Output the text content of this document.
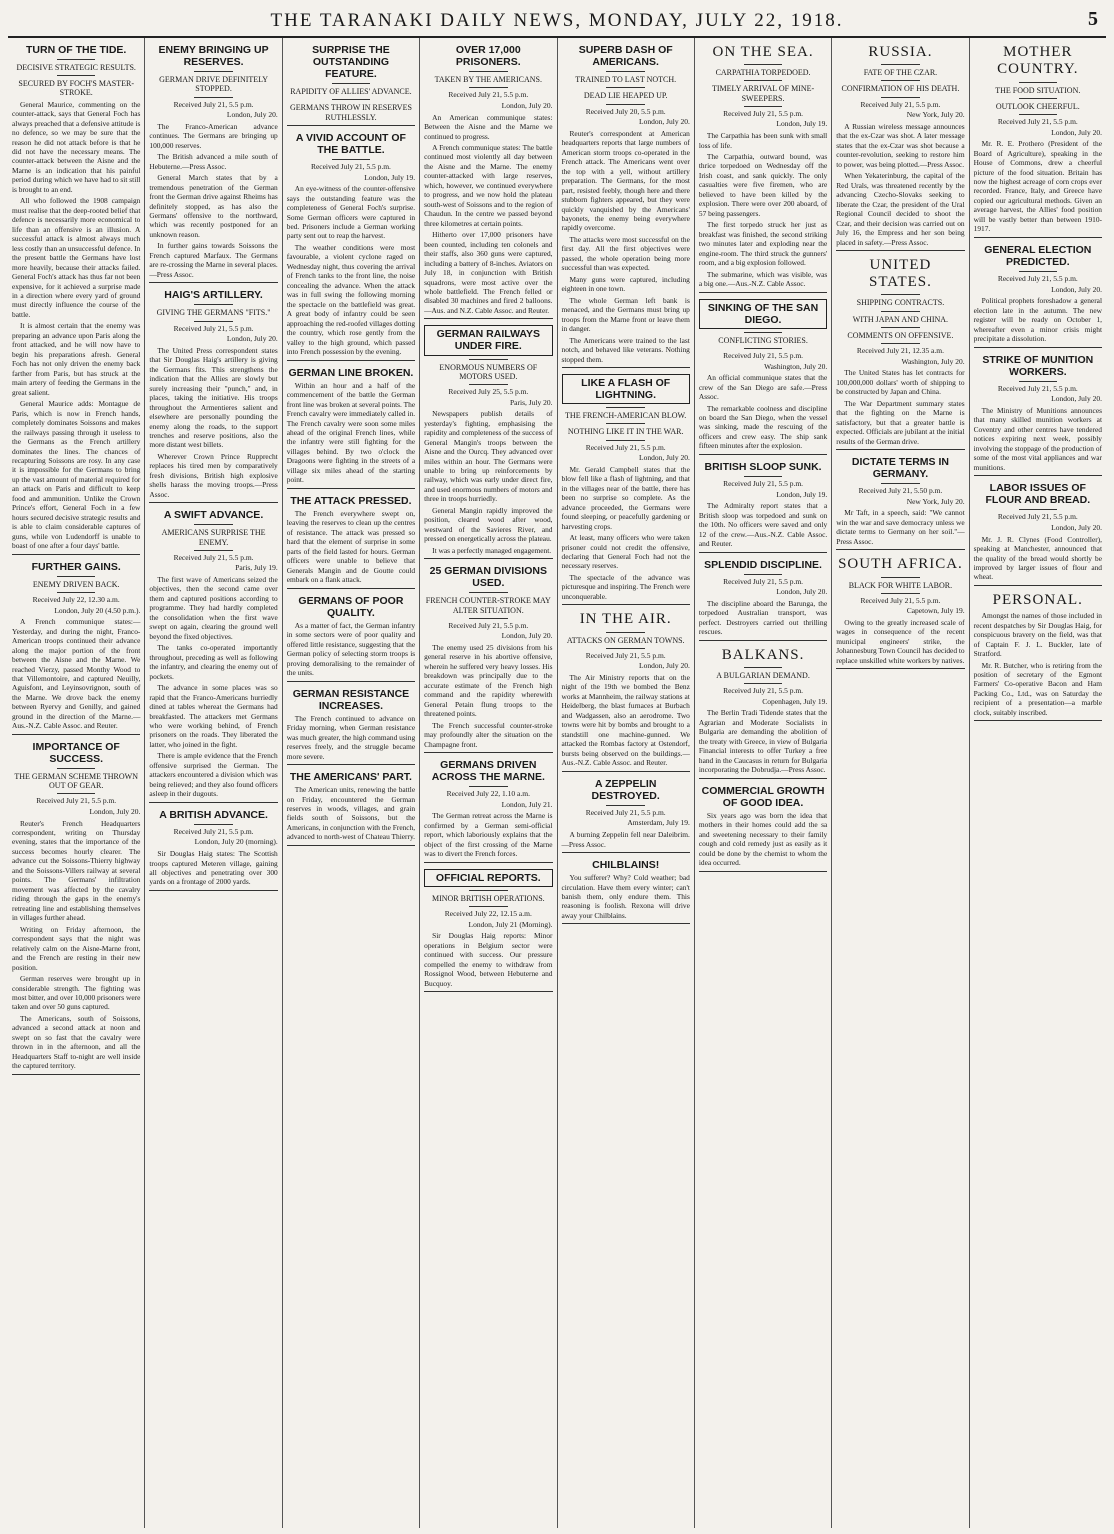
THE TARANAKI DAILY NEWS, MONDAY, JULY 22, 1918.	5
TURN OF THE TIDE.
DECISIVE STRATEGIC RESULTS.
SECURED BY FOCH'S MASTER-STROKE.

General Maurice, commenting on the counter-attack, says that General Foch has always preached that a defensive attitude is no defence, so we may be sure that the reason he did not attack before is that he did not have the necessary means. The counter-attack between the Aisne and the Marne is an indication that his painful period during which we have had to sit still is brought to an end.

All who followed the 1908 campaign must realise that the deep-rooted belief that defence is necessarily more economical to life than an offensive is an illusion. A successful attack is almost always much less costly than an unsuccessful defence. In the present battle the Germans have lost more heavily, because their attacks failed. General Foch's attack has thus far not been expensive, for it achieved a surprise made in a direction where every yard of ground must directly influence the course of the battle.

It is almost certain that the enemy was preparing an advance upon Paris along the front attacked, and he will now have to begin his preparations afresh. General Foch has not only driven the enemy back farther from Paris, but has struck at the main artery of feeding the Germans in the great salient.

General Maurice adds: Montague de Paris, which is now in French hands, completely dominates Soissons and makes the railways passing through it useless to the Germans as the French artillery dominates the lines. The chances of recapturing Soissons are rosy. In any case it is impossible for the Germans to bring up the vast amount of material required for an attack on Paris and difficult to keep food and ammunition. Unlike the Crown Prince's effort, General Foch in a few hours secured decisive strategic results and is able to claim considerable captures of guns, while von Ludendorff is unable to boast of one after a four days' battle.

FURTHER GAINS.
ENEMY DRIVEN BACK.
Received July 22, 12.30 a.m.
London, July 20 (4.50 p.m.).

A French communique states:—Yesterday, and during the night, Franco-American troops continued their advance along the major portion of the front between the Aisne and the Marne. We reached Vierzy, passed Monthy Wood to that Villemontoire, and captured Neuilly, Aguisfont, and Leyinsovrignon, south of the Marne. We drove back the enemy between Ryervy and Genilly, and gained ground in the direction of the Marne.—Aus.-N.Z. Cable Assoc. and Reuter.

IMPORTANCE OF SUCCESS.
THE GERMAN SCHEME THROWN OUT OF GEAR.
Received July 21, 5.5 p.m.
London, July 20.

Reuter's French Headquarters correspondent, writing on Thursday evening, states that the importance of the success becomes hourly clearer. The advance cut the Soissons-Thierry highway and the Soissons-Villers railway at several points. The Germans' infiltration movement was affected by the cavalry riding through the gaps in the enemy's retreating line and establishing themselves in villages further ahead.

Writing on Friday afternoon, the correspondent says that the night was relatively calm on the Aisne-Marne front, and the French are resting in their new position.

German reserves were brought up in considerable strength. The fighting was most bitter, and over 10,000 prisoners were taken and over 50 guns captured.

The Americans, south of Soissons, advanced a second attack at noon and swept on so fast that the cavalry were thrown in in the afternoon, and all the Headquarters Staff to-night are well inside the captured territory.

ENEMY BRINGING UP RESERVES.
GERMAN DRIVE DEFINITELY STOPPED.
Received July 21, 5.5 p.m.
London, July 20.

The Franco-American advance continues. The Germans are bringing up 100,000 reserves.

The British advanced a mile south of Hebuterne.—Press Assoc.

General March states that by a tremendous penetration of the German front the German drive against Rheims has definitely stopped, as has also the Germans' offensive to the northward, which was recently postponed for an unknown reason.

In further gains towards Soissons the French captured Marfaux. The Germans are re-crossing the Marne in several places.—Press Assoc.

HAIG'S ARTILLERY.
GIVING THE GERMANS "FITS."
Received July 21, 5.5 p.m.
London, July 20.

The United Press correspondent states that Sir Douglas Haig's artillery is giving the Germans fits. This strengthens the indication that the Allies are slowly but surely increasing their "punch," and, in places, taking the initiative. His troops throughout the Armentieres salient and elsewhere are personally pounding the enemy along the roads, to the support trenches and reserve positions, also the more distant west billets.

Wherever Crown Prince Rupprecht replaces his tired men by comparatively fresh divisions, British high explosive shells harass the moving troops.—Press Assoc.

A SWIFT ADVANCE.
AMERICANS SURPRISE THE ENEMY.
Received July 21, 5.5 p.m.
Paris, July 19.

The first wave of Americans seized the objectives, then the second came over them and captured positions according to programme. They had hardly completed the consolidation when the first wave swept on again, clearing the ground well beyond the fixed objectives.

The tanks co-operated importantly throughout, preceding as well as following the infantry, and clearing the enemy out of pockets.

The advance in some places was so rapid that the Franco-Americans hurriedly dined at tables whereat the Germans had breakfasted. The attackers met Germans who were working behind, of French prisoners on the roads. They liberated the latter, who joined in the fight.

There is ample evidence that the French offensive surprised the German. The attackers encountered a division which was being relieved; and they also found officers asleep in their dugouts.

A BRITISH ADVANCE.
Received July 21, 5.5 p.m.
London, July 20 (morning).

Sir Douglas Haig states: The Scottish troops captured Meteren village, gaining all objectives and penetrating over 300 yards on a frontage of 2000 yards.

SURPRISE THE OUTSTANDING FEATURE.
RAPIDITY OF ALLIES' ADVANCE.
GERMANS THROW IN RESERVES RUTHLESSLY.
A VIVID ACCOUNT OF THE BATTLE.
Received July 21, 5.5 p.m.
London, July 19.

An eye-witness of the counter-offensive says the outstanding feature was the completeness of General Foch's surprise. Some German officers were captured in bed. Prisoners include a German working party sent out to reap the harvest.

The weather conditions were most favourable, a violent cyclone raged on Wednesday night, thus covering the arrival of French tanks to the front line, the noise concealing the advance. When the attack was in full swing the following morning the spectacle on the battlefield was great. A great body of infantry could be seen approaching the red-roofed villages dotting the country, which rose gently from the valley to the high ground, which passed into French possession by the evening.

GERMAN LINE BROKEN.

Within an hour and a half of the commencement of the battle the German front line was broken at several points. The French cavalry were immediately called in. The French cavalry were soon some miles ahead of the original French lines, while the infantry were still fighting for the villages behind. By two o'clock the Dragoons were fighting in the streets of a village six miles ahead of the starting point.

THE ATTACK PRESSED.

The French everywhere swept on, leaving the reserves to clean up the centres of resistance. The attack was pressed so hard that the element of surprise in some parts of the field lasted for hours. German officers were unable to believe that Generals Mangin and de Goutte could embark on a flank attack.

GERMANS OF POOR QUALITY.

As a matter of fact, the German infantry in some sectors were of poor quality and offered little resistance, suggesting that the German policy of selecting storm troops is proving demoralising to the remainder of the units.

GERMAN RESISTANCE INCREASES.

The French continued to advance on Friday morning, when German resistance was much greater, the high command using reserves freely, and the struggle became more severe.

THE AMERICANS' PART.

The American units, renewing the battle on Friday, encountered the German reserves in woods, villages, and grain fields south of Soissons, but the Americans, in conjunction with the French, advanced to north-west of Chateau Thierry.

OVER 17,000 PRISONERS.
TAKEN BY THE AMERICANS.
Received July 21, 5.5 p.m.
London, July 20.

An American communique states: Between the Aisne and the Marne we continued to progress.

A French communique states: The battle continued most violently all day between the Aisne and the Marne. The enemy counter-attacked with large reserves, which, however, we continued everywhere to progress, and we now hold the plateau south-west of Soissons and to the region of Chaudun. In the centre we passed beyond three kilometres at certain points.

Hitherto over 17,000 prisoners have been counted, including ten colonels and their staffs, also 360 guns were captured, including a battery of 8-inches. Aviators on July 18, in conjunction with British squadrons, were most active over the whole battlefield. The French felled or disabled 30 machines and fired 2 balloons.—Aus. and N.Z. Cable Assoc. and Reuter.

GERMAN RAILWAYS UNDER FIRE.
ENORMOUS NUMBERS OF MOTORS USED.
Received July 25, 5.5 p.m.
Paris, July 20.

Newspapers publish details of yesterday's fighting, emphasising the rapidity and completeness of the success of General Mangin's troops between the Aisne and the Ourcq. They advanced over miles within an hour. The Germans were unable to bring up reinforcements by railway, which was early under direct fire, and used enormous numbers of motors and three in troops hurriedly.

General Mangin rapidly improved the position, cleared wood after wood, westward of the Savieres River, and pressed on energetically across the plateau.

It was a perfectly managed engagement.

25 GERMAN DIVISIONS USED.
FRENCH COUNTER-STROKE MAY ALTER SITUATION.
Received July 21, 5.5 p.m.
London, July 20.

The enemy used 25 divisions from his general reserve in his abortive offensive, wherein he suffered very heavy losses. His breakdown was principally due to the accurate estimate of the French high command and the rapidity wherewith General Petain flung troops to the threatened points.

The French successful counter-stroke may profoundly alter the situation on the Champagne front.

GERMANS DRIVEN ACROSS THE MARNE.
Received July 22, 1.10 a.m.
London, July 21.

The German retreat across the Marne is confirmed by a German semi-official report, which laboriously explains that the object of the first crossing of the Marne was to divert the French forces.

OFFICIAL REPORTS.
MINOR BRITISH OPERATIONS.
Received July 22, 12.15 a.m.
London, July 21 (Morning).

Sir Douglas Haig reports: Minor operations in Belgium sector were continued with success. Our pressure compelled the enemy to withdraw from Rossignol Wood, between Hebuterne and Bucquoy.

SUPERB DASH OF AMERICANS.
TRAINED TO LAST NOTCH.
DEAD LIE HEAPED UP.
Received July 20, 5.5 p.m.
London, July 20.

Reuter's correspondent at American headquarters reports that large numbers of American storm troops co-operated in the French attack. The Americans went over the top with a yell, without artillery preparation. The Germans, for the most part, resisted feebly, though here and there stubborn fighters appeared, but they were quickly vanquished by the Americans' bayonets, the enemy being everywhere rapidly overcome.

The attacks were most successful on the first day. All the first objectives were passed, the whole operation being more successful than was expected.

Many guns were captured, including eighteen in one town.

The whole German left bank is menaced, and the Germans must bring up troops from the Marne front or leave them in danger.

The Americans were trained to the last notch, and behaved like veterans. Nothing stopped them.

LIKE A FLASH OF LIGHTNING.
THE FRENCH-AMERICAN BLOW.
NOTHING LIKE IT IN THE WAR.
Received July 21, 5.5 p.m.
London, July 20.

Mr. Gerald Campbell states that the blow fell like a flash of lightning, and that in the villages near of the battle, there has been no surprise so complete. As the advance proceeded, the Germans were found sleeping, or peacefully gardening or harvesting crops.

At least, many officers who were taken prisoner could not credit the offensive, declaring that General Foch had not the necessary reserves.

The spectacle of the advance was picturesque and inspiring. The French were unconquerable.

IN THE AIR.
ATTACKS ON GERMAN TOWNS.
Received July 21, 5.5 p.m.
London, July 20.

The Air Ministry reports that on the night of the 19th we bombed the Benz works at Mannheim, the railway stations at Heidelberg, the blast furnaces at Burbach and Wadgassen, also an aerodrome. Two towns were hit by bombs and brought to a standstill one machine-gunned. We attacked the Rombas factory at Ostendorf, bursts being observed on the buildings.—Aus.-N.Z. Cable Assoc. and Reuter.

A ZEPPELIN DESTROYED.
Received July 21, 5.5 p.m.
Amsterdam, July 19.

A burning Zeppelin fell near Daleibrim.—Press Assoc.

CHILBLAINS!

You sufferer? Why? Cold weather; bad circulation. Have them every winter; can't banish them, only endure them. This reasoning is foolish. Rexona will drive away your Chilblains.

ON THE SEA.
CARPATHIA TORPEDOED.
TIMELY ARRIVAL OF MINE-SWEEPERS.
Received July 21, 5.5 p.m.
London, July 19.

The Carpathia has been sunk with small loss of life.

The Carpathia, outward bound, was thrice torpedoed on Wednesday off the Irish coast, and sank quickly. The only casualties were five firemen, who are believed to have been killed by the explosion. There were over 200 aboard, of 57 being passengers.

The first torpedo struck her just as breakfast was finished, the second striking two minutes later and exploding near the engine-room. The third struck the gunners' room, and a big explosion followed.

The submarine, which was visible, was a big one.—Aus.-N.Z. Cable Assoc.

SINKING OF THE SAN DIEGO.
CONFLICTING STORIES.
Received July 21, 5.5 p.m.
Washington, July 20.

An official communique states that the crew of the San Diego are safe.—Press Assoc.

The remarkable coolness and discipline on board the San Diego, when the vessel was sinking, made the rescuing of the officers and crew easy. The ship sank fifteen minutes after the explosion.

BRITISH SLOOP SUNK.
Received July 21, 5.5 p.m.
London, July 19.

The Admiralty report states that a British sloop was torpedoed and sunk on the 10th. No officers were saved and only 12 of the crew.—Aus.-N.Z. Cable Assoc. and Reuter.

SPLENDID DISCIPLINE.
Received July 21, 5.5 p.m.
London, July 20.

The discipline aboard the Barunga, the torpedoed Australian transport, was perfect. Destroyers carried out thrilling rescues.

BALKANS.
A BULGARIAN DEMAND.
Received July 21, 5.5 p.m.
Copenhagen, July 19.

The Berlin Tradi Tidende states that the Agrarian and Moderate Socialists in Bulgaria are demanding the abolition of the treaty with Greece, in view of Bulgaria Financial interests to offer Turkey a free hand in the Caucasus in return for Bulgaria incorporating the Dobrudja.—Press Assoc.

COMMERCIAL GROWTH OF GOOD IDEA.

Six years ago was born the idea that mothers in their homes could add the sa and sweetening necessary to their family cough and cold remedy just as easily as it could be done by the chemist to whom the idea occurred.

RUSSIA.
FATE OF THE CZAR.
CONFIRMATION OF HIS DEATH.
Received July 21, 5.5 p.m.
New York, July 20.

A Russian wireless message announces that the ex-Czar was shot. A later message states that the ex-Czar was shot because a counter-revolution, seeking to restore him to power, was being plotted.—Press Assoc.

When Yekaterinburg, the capital of the Red Urals, was threatened recently by the advancing Czecho-Slovaks seeking to liberate the Czar, the president of the Ural Regional Council decided to shoot the Czar, and their decision was carried out on July 16, the Empress and her son being placed in safety.—Press Assoc.

UNITED STATES.
SHIPPING CONTRACTS.
WITH JAPAN AND CHINA.
COMMENTS ON OFFENSIVE.
Received July 21, 12.35 a.m.
Washington, July 20.

The United States has let contracts for 100,000,000 dollars' worth of shipping to be constructed by Japan and China.

The War Department summary states that the fighting on the Marne is satisfactory, but that a greater battle is expected. Officials are jubilant at the initial results of the German drive.

DICTATE TERMS IN GERMANY.
Received July 21, 5.50 p.m.
New York, July 20.

Mr Taft, in a speech, said: "We cannot win the war and save democracy unless we dictate terms to Germany on her soil."—Press Assoc.

SOUTH AFRICA.
BLACK FOR WHITE LABOR.
Received July 21, 5.5 p.m.
Capetown, July 19.

Owing to the greatly increased scale of wages in consequence of the recent municipal engineers' strike, the Johannesburg Town Council has decided to replace unskilled white workers by natives.

MOTHER COUNTRY.
THE FOOD SITUATION.
OUTLOOK CHEERFUL.
Received July 21, 5.5 p.m.
London, July 20.

Mr. R. E. Prothero (President of the Board of Agriculture), speaking in the House of Commons, drew a cheerful picture of the food situation. Britain has now the highest acreage of corn crops ever recorded. France, Italy, and Greece have copied our agricultural methods. Given an average harvest, the Allies' food position will be vastly better than between 1910-1917.

GENERAL ELECTION PREDICTED.
Received July 21, 5.5 p.m.
London, July 20.

Political prophets foreshadow a general election late in the autumn. The new register will be ready on October 1, whereafter even a minor crisis might precipitate a dissolution.

STRIKE OF MUNITION WORKERS.
Received July 21, 5.5 p.m.
London, July 20.

The Ministry of Munitions announces that many skilled munition workers at Coventry and other centres have tendered notices expiring next week, possibly involving the stoppage of the production of some of the most vital appliances and war munitions.

LABOR ISSUES OF FLOUR AND BREAD.
Received July 21, 5.5 p.m.
London, July 20.

Mr. J. R. Clynes (Food Controller), speaking at Manchester, announced that the quality of the bread would shortly be improved by larger issues of flour and wheat.

PERSONAL.

Amongst the names of those included in recent despatches by Sir Douglas Haig, for conspicuous bravery on the field, was that of Captain F. J. L. Buckler, late of Stratford.

Mr. R. Butcher, who is retiring from the position of secretary of the Egmont Farmers' Co-operative Bacon and Ham Packing Co., Ltd., was on Saturday the recipient of a presentation—a marble clock, suitably inscribed.
